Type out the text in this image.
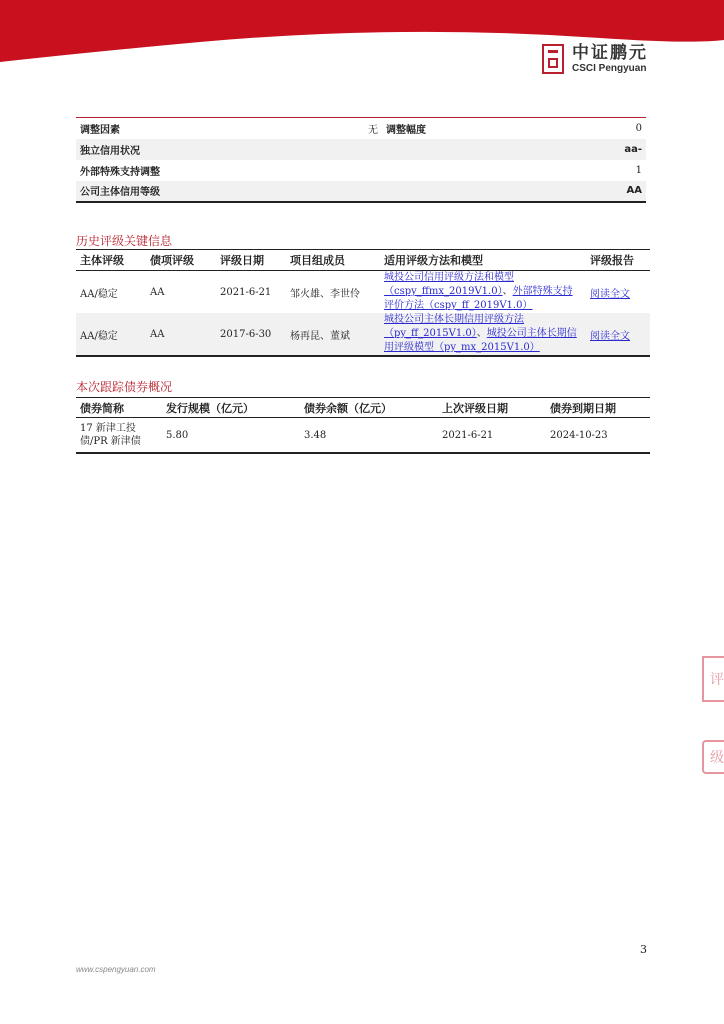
中证鹏元
CSCI Pengyuan
调整因素	无	调整幅度	0
独立信用状况			aa-
外部特殊支持调整			1
公司主体信用等级			AA
历史评级关键信息
主体评级	债项评级	评级日期	项目组成员	适用评级方法和模型	评级报告
AA/稳定	AA	2021-6-21	邹火雄、李世伶	城投公司信用评级方法和模型（cspy_ffmx_2019V1.0）、外部特殊支持评价方法（cspy_ff_2019V1.0）	阅读全文
AA/稳定	AA	2017-6-30	杨再昆、董斌	城投公司主体长期信用评级方法（py_ff_2015V1.0）、城投公司主体长期信用评级模型（py_mx_2015V1.0）	阅读全文
本次跟踪债券概况
债券简称	发行规模（亿元）	债券余额（亿元）	上次评级日期	债券到期日期
17 新津工投债/PR 新津债	5.80	3.48	2021-6-21	2024-10-23
评
级
3
www.cspengyuan.com
